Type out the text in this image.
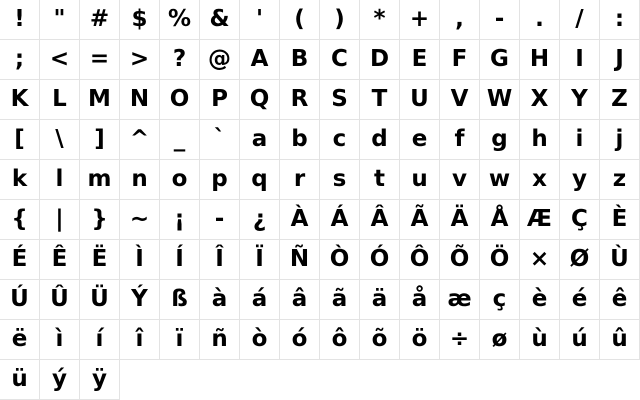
!	"	# $ % &	'	(	)	*	+	,	-	.	/	:
;	< = >	? @ A B C D E	F G H	I	J
K	L M N O P Q R S	T U V W X Y	Z
[	\	]	^	_	`	a	b	c	d	e	f	g	h	i	j
k	l	m n	o	p	q	r	s	t	u	v w x	y	z
{	|	} ~	¡	-	¿	À Á Â Ã Ä Å Æ Ç	È
É	Ê	Ë	Ì	Í	Î	Ï	Ñ Ò Ó Ô Õ Ö × Ø Ù
Ú Û Ü Ý	ß	à	á	â	ã	ä	å æ ç	è	é	ê
ë	ì	í	î	ï	ñ	ò	ó	ô	õ	ö ÷ ø	ù	ú	û
ü	ý	ÿ
